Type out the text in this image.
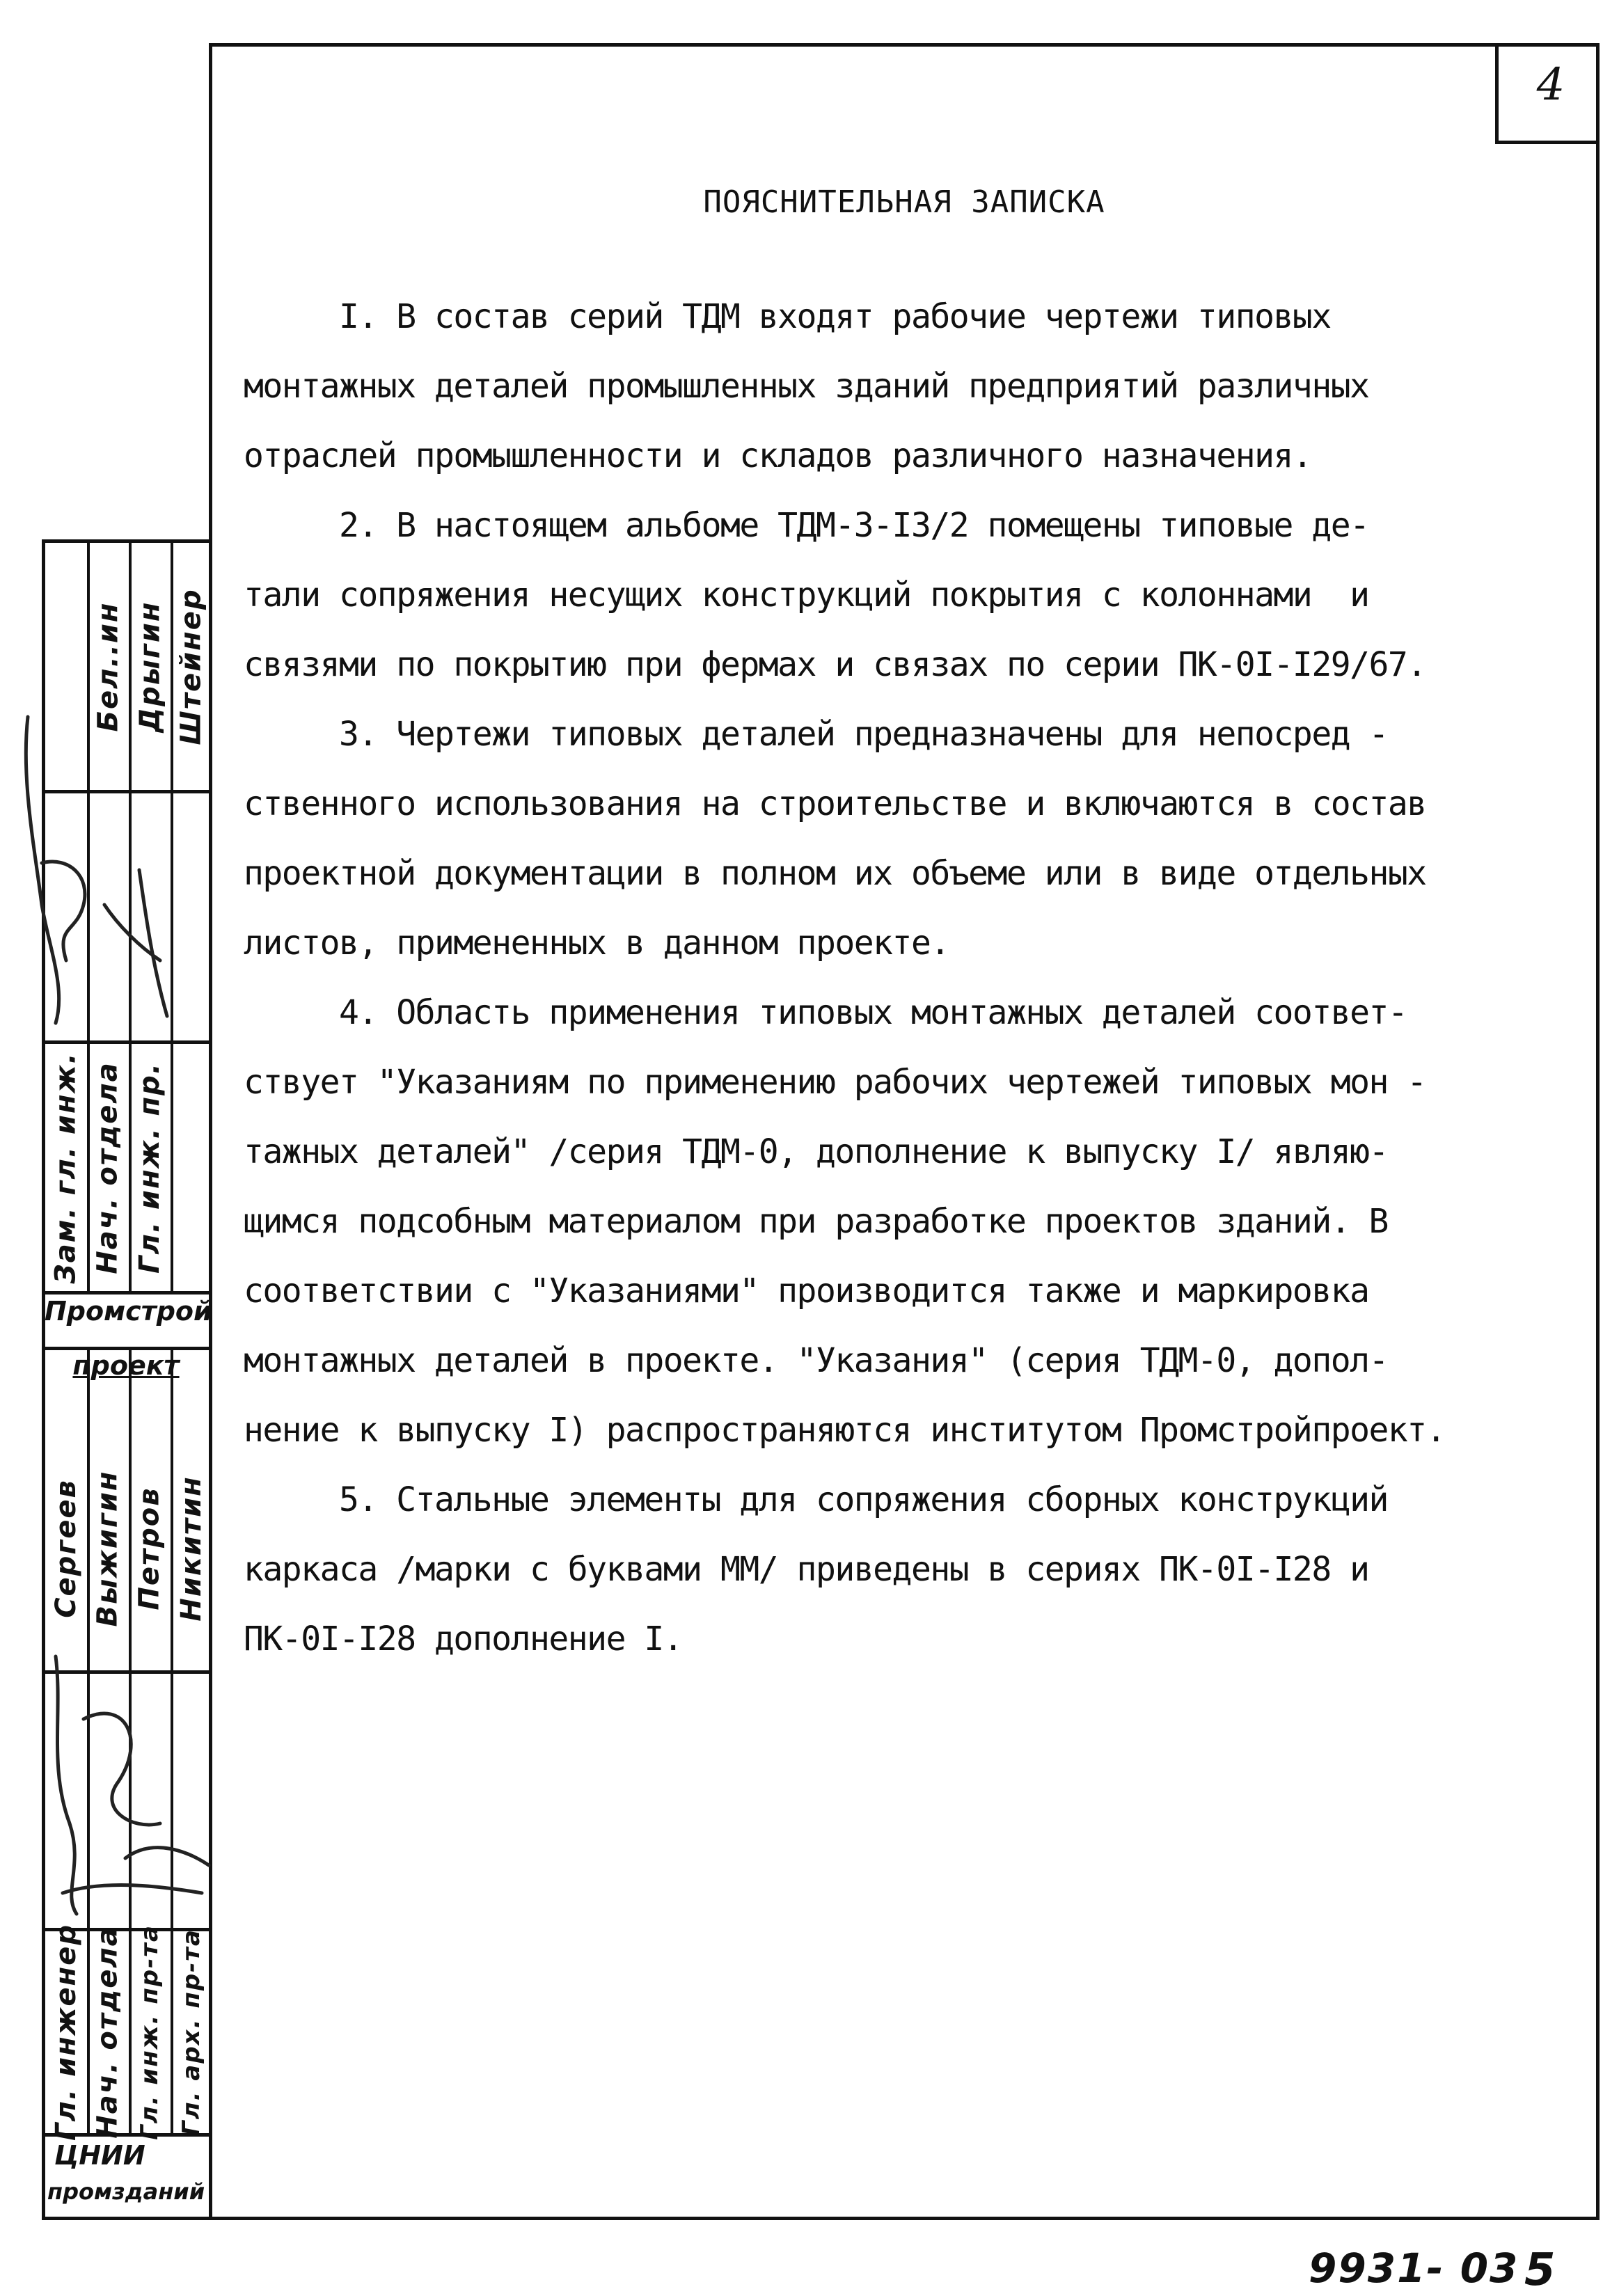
4
ПОЯСНИТЕЛЬНАЯ ЗАПИСКА
I. В состав серий ТДМ входят рабочие чертежи типовых
монтажных деталей промышленных зданий предприятий различных
отраслей промышленности и складов различного назначения.
2. В настоящем альбоме ТДМ-3-I3/2 помещены типовые де-
тали сопряжения несущих конструкций покрытия с колоннами  и
связями по покрытию при фермах и связах по серии ПК-0I-I29/67.
3. Чертежи типовых деталей предназначены для непосред -
ственного использования на строительстве и включаются в состав
проектной документации в полном их объеме или в виде отдельных
листов, примененных в данном проекте.
4. Область применения типовых монтажных деталей соответ-
ствует "Указаниям по применению рабочих чертежей типовых мон -
тажных деталей" /серия ТДМ-0, дополнение к выпуску I/ являю-
щимся подсобным материалом при разработке проектов зданий. В
соответствии с "Указаниями" производится также и маркировка
монтажных деталей в проекте. "Указания" (серия ТДМ-0, допол-
нение к выпуску I) распространяются институтом Промстройпроект.
5. Стальные элементы для сопряжения сборных конструкций
каркаса /марки с буквами ММ/ приведены в сериях ПК-0I-I28 и
ПК-0I-I28 дополнение I.
9931- 03 5
Бел..ин Дрыгин Штейнер
Зам. гл. инж. Нач. отдела Гл. инж. пр.
Промстрой
проект
Сергеев Выжигин Петров Никитин
Гл. инженер Нач. отдела Гл. инж. пр-та Гл. арх. пр-та
ЦНИИ
промзданий
